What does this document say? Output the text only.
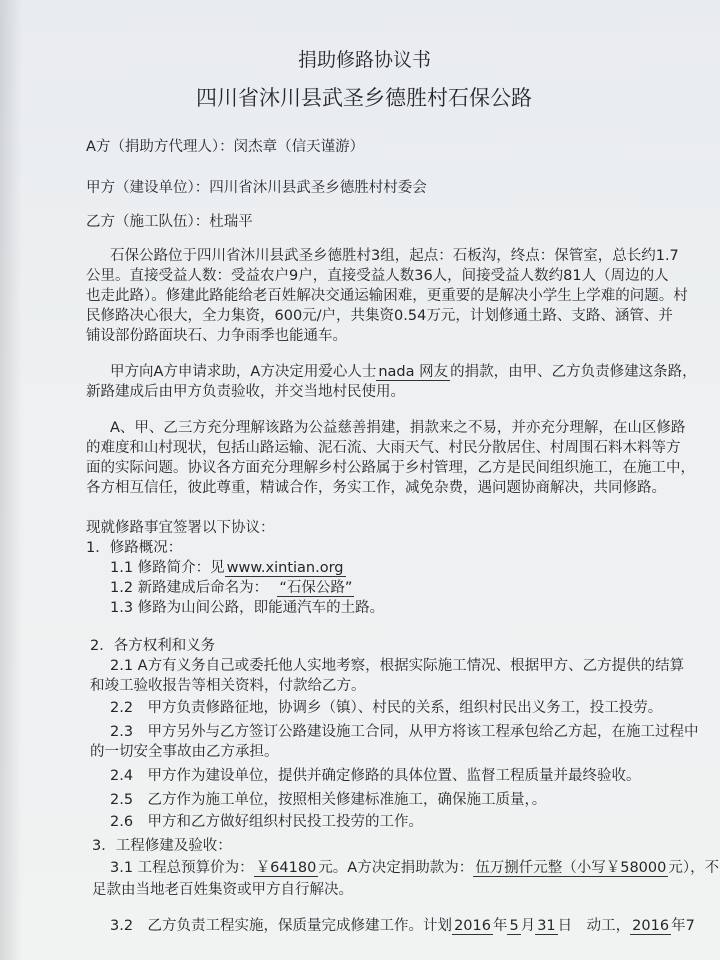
捐助修路协议书
四川省沐川县武圣乡德胜村石保公路
A方（捐助方代理人）：闵杰章（信天谨游）
甲方（建设单位）：四川省沐川县武圣乡德胜村村委会
乙方（施工队伍）：杜瑞平
石保公路位于四川省沐川县武圣乡德胜村3组，起点：石板沟，终点：保管室，总长约1.7
公里。直接受益人数：受益农户9户，直接受益人数36人，间接受益人数约81人（周边的人
也走此路）。修建此路能给老百姓解决交通运输困难，更重要的是解决小学生上学难的问题。村
民修路决心很大，全力集资，600元/户，共集资0.54万元，计划修通土路、支路、涵管、并
铺设部份路面块石、力争雨季也能通车。
甲方向A方申请求助，A方决定用爱心人士 nada 网友 的捐款，由甲、乙方负责修建这条路，
新路建成后由甲方负责验收，并交当地村民使用。
A、甲、乙三方充分理解该路为公益慈善捐建，捐款来之不易，并亦充分理解，在山区修路
的难度和山村现状，包括山路运输、泥石流、大雨天气、村民分散居住、村周围石料木料等方
面的实际问题。协议各方面充分理解乡村公路属于乡村管理，乙方是民间组织施工，在施工中，
各方相互信任，彼此尊重，精诚合作，务实工作，减免杂费，遇问题协商解决，共同修路。
现就修路事宜签署以下协议：
1．修路概况：
1.1 修路简介：见 www.xintian.org
1.2 新路建成后命名为： “石保公路”
1.3 修路为山间公路，即能通汽车的土路。
2．各方权利和义务
2.1 A方有义务自己或委托他人实地考察，根据实际施工情况、根据甲方、乙方提供的结算
和竣工验收报告等相关资料，付款给乙方。
2.2　甲方负责修路征地，协调乡（镇）、村民的关系，组织村民出义务工，投工投劳。
2.3　甲方另外与乙方签订公路建设施工合同，从甲方将该工程承包给乙方起，在施工过程中
的一切安全事故由乙方承担。
2.4　甲方作为建设单位，提供并确定修路的具体位置、监督工程质量并最终验收。
2.5　乙方作为施工单位，按照相关修建标准施工，确保施工质量，。
2.6　甲方和乙方做好组织村民投工投劳的工作。
3．工程修建及验收：
3.1 工程总预算价为： ￥64180 元。A方决定捐助款为： 伍万捌仟元整（小写￥58000 元），不
足款由当地老百姓集资或甲方自行解决。
3.2　乙方负责工程实施，保质量完成修建工作。计划 2016 年 5 月 31 日　动工， 2016 年7
